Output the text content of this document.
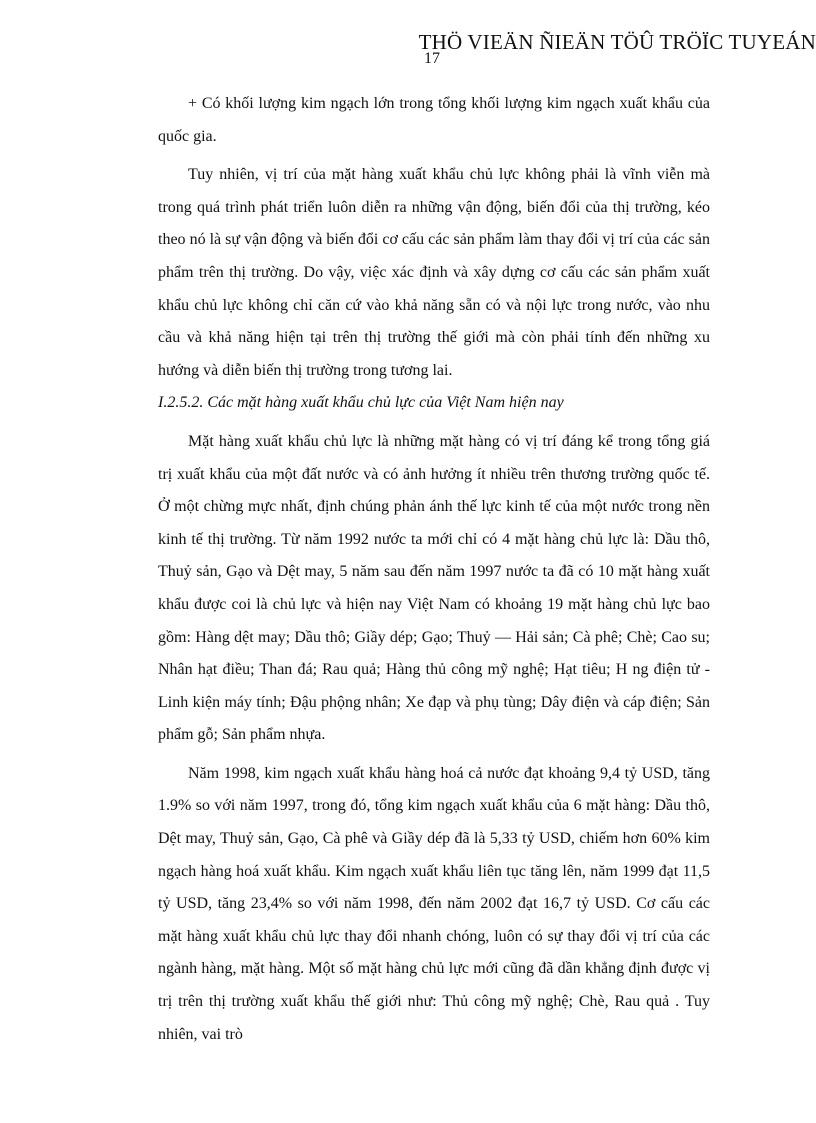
THÖ VIEÄN ÑIEÄN TÖÛ TRÖÏC TUYEÁN
17

+ Có khối lượng kim ngạch lớn trong tổng khối lượng kim ngạch xuất khẩu của quốc gia.

Tuy nhiên, vị trí của mặt hàng xuất khẩu chủ lực không phải là vĩnh viễn mà trong quá trình phát triển luôn diễn ra những vận động, biến đổi của thị trường, kéo theo nó là sự vận động và biến đổi cơ cấu các sản phẩm làm thay đổi vị trí của các sản phẩm trên thị trường. Do vậy, việc xác định và xây dựng cơ cấu các sản phẩm xuất khẩu chủ lực không chỉ căn cứ vào khả năng sẵn có và nội lực trong nước, vào nhu cầu và khả năng hiện tại trên thị trường thế giới mà còn phải tính đến những xu hướng và diễn biến thị trường trong tương lai.

I.2.5.2. Các mặt hàng xuất khẩu chủ lực của Việt Nam hiện nay

Mặt hàng xuất khẩu chủ lực là những mặt hàng có vị trí đáng kể trong tổng giá trị xuất khẩu của một đất nước và có ảnh hưởng ít nhiều trên thương trường quốc tế. Ở một chừng mực nhất, định chúng phản ánh thế lực kinh tế của một nước trong nền kinh tế thị trường. Từ năm 1992 nước ta mới chỉ có 4 mặt hàng chủ lực là: Dầu thô, Thuỷ sản, Gạo và Dệt may, 5 năm sau đến năm 1997 nước ta đã có 10 mặt hàng xuất khẩu được coi là chủ lực và hiện nay Việt Nam có khoảng 19 mặt hàng chủ lực bao gồm: Hàng dệt may; Dầu thô; Giầy dép; Gạo; Thuỷ — Hải sản; Cà phê; Chè; Cao su; Nhân hạt điều; Than đá; Rau quả; Hàng thủ công mỹ nghệ; Hạt tiêu; H ng điện tử - Linh kiện máy tính; Đậu phộng nhân; Xe đạp và phụ tùng; Dây điện và cáp điện; Sản phẩm gỗ; Sản phẩm nhựa.

Năm 1998, kim ngạch xuất khẩu hàng hoá cả nước đạt khoảng 9,4 tỷ USD, tăng 1.9% so với năm 1997, trong đó, tổng kim ngạch xuất khẩu của 6 mặt hàng: Dầu thô, Dệt may, Thuỷ sản, Gạo, Cà phê và Giầy dép đã là 5,33 tỷ USD, chiếm hơn 60% kim ngạch hàng hoá xuất khẩu. Kim ngạch xuất khẩu liên tục tăng lên, năm 1999 đạt 11,5 tỷ USD, tăng 23,4% so với năm 1998, đến năm 2002 đạt 16,7 tỷ USD. Cơ cấu các mặt hàng xuất khẩu chủ lực thay đổi nhanh chóng, luôn có sự thay đổi vị trí của các ngành hàng, mặt hàng. Một số mặt hàng chủ lực mới cũng đã dần khẳng định được vị trị trên thị trường xuất khẩu thế giới như: Thủ công mỹ nghệ; Chè, Rau quả . Tuy nhiên, vai trò
